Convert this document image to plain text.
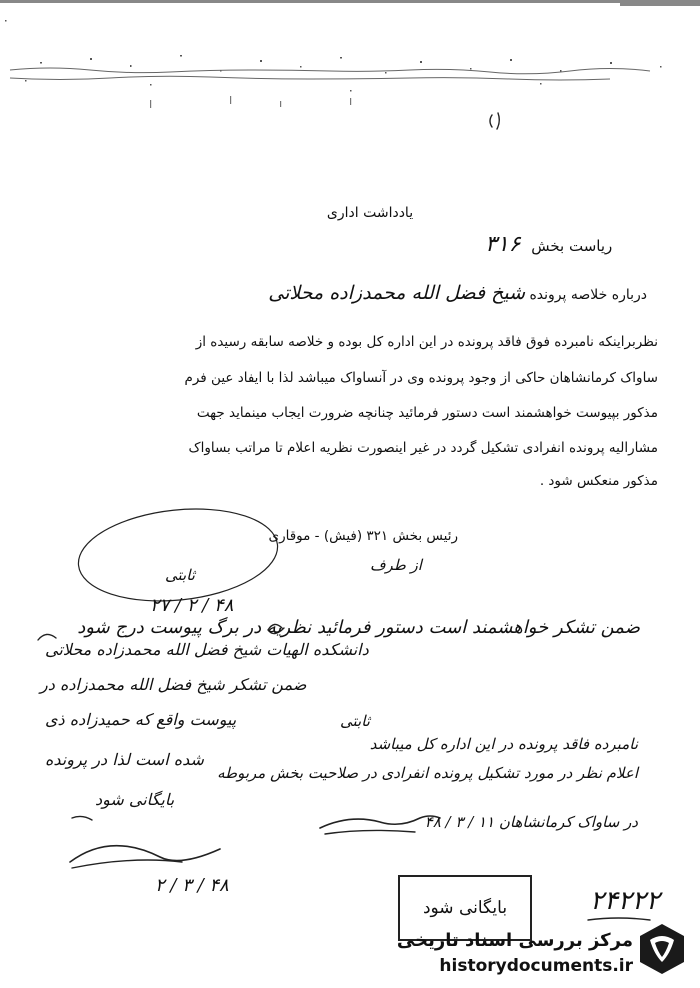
یادداشت اداری
ریاست بخش ۳۱۶
درباره خلاصه پرونده شیخ فضل الله محمدزاده محلاتی
نظربراینکه نامبرده فوق فاقد پرونده در این اداره کل بوده و خلاصه سابقه رسیده از
ساواک کرمانشاهان حاکی از وجود پرونده وی در آنساواک میباشد لذا با ایفاد عین فرم
مذکور بپیوست خواهشمند است دستور فرمائید چنانچه ضرورت ایجاب مینماید جهت
مشارالیه پرونده انفرادی تشکیل گردد در غیر اینصورت نظریه اعلام تا مراتب بساواک
مذکور منعکس شود .
رئیس بخش ۳۲۱ (فیش) - موقاری
از طرف
ثابتی
۲۷ / ۲ / ۴۸
ضمن تشکر خواهشمند است دستور فرمائید نظریه در برگ پیوست درج شود
ثابتی
نامبرده فاقد پرونده در این اداره کل میباشد
اعلام نظر در مورد تشکیل پرونده انفرادی در صلاحیت بخش مربوطه
در ساواک کرمانشاهان ۱۱ / ۳ / ۴۸
دانشکده الهیات شیخ فضل الله محمدزاده محلاتی
ضمن تشکر شیخ فضل الله محمدزاده در
پیوست واقع که حمیدزاده ذی
شده است لذا در پرونده
بایگانی شود
۲ / ۳ / ۴۸
۲۴۲۲۲
بایگانی شود
مرکز بررسی اسناد تاریخی
historydocuments.ir
